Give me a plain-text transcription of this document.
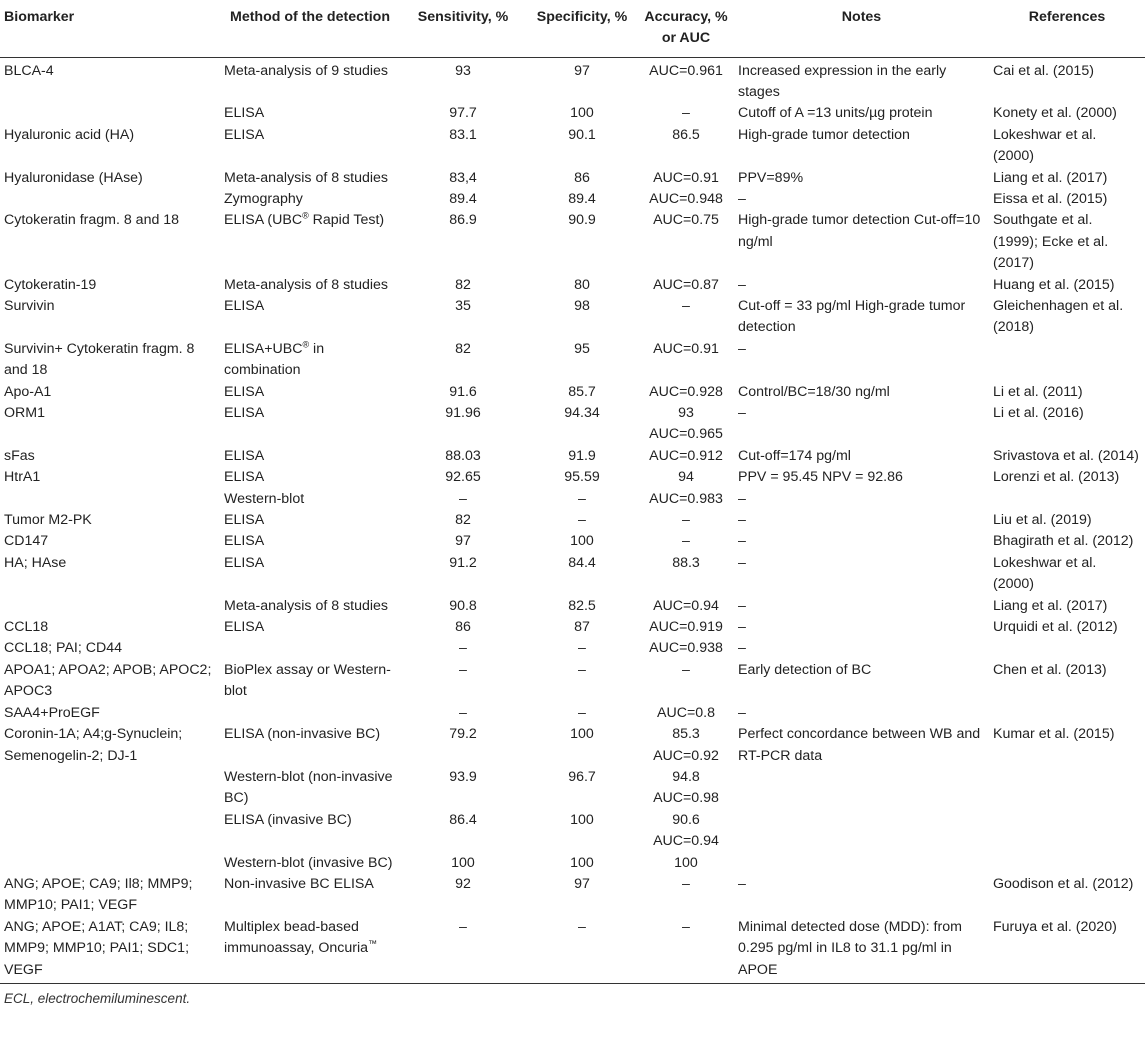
Biomarker	Method of the detection	Sensitivity, %	Specificity, %	Accuracy, % or AUC	Notes	References
BLCA-4	Meta-analysis of 9 studies	93	97	AUC=0.961	Increased expression in the early stages	Cai et al. (2015)
	ELISA	97.7	100	–	Cutoff of A =13 units/µg protein	Konety et al. (2000)
Hyaluronic acid (HA)	ELISA	83.1	90.1	86.5	High-grade tumor detection	Lokeshwar et al. (2000)
Hyaluronidase (HAse)	Meta-analysis of 8 studies	83,4	86	AUC=0.91	PPV=89%	Liang et al. (2017)
	Zymography	89.4	89.4	AUC=0.948	–	Eissa et al. (2015)
Cytokeratin fragm. 8 and 18	ELISA (UBC® Rapid Test)	86.9	90.9	AUC=0.75	High-grade tumor detection Cut-off=10 ng/ml	Southgate et al. (1999); Ecke et al. (2017)
Cytokeratin-19	Meta-analysis of 8 studies	82	80	AUC=0.87	–	Huang et al. (2015)
Survivin	ELISA	35	98	–	Cut-off = 33 pg/ml High-grade tumor detection	Gleichenhagen et al. (2018)
Survivin+ Cytokeratin fragm. 8 and 18	ELISA+UBC® in combination	82	95	AUC=0.91	–	
Apo-A1	ELISA	91.6	85.7	AUC=0.928	Control/BC=18/30 ng/ml	Li et al. (2011)
ORM1	ELISA	91.96	94.34	93 AUC=0.965	–	Li et al. (2016)
sFas	ELISA	88.03	91.9	AUC=0.912	Cut-off=174 pg/ml	Srivastova et al. (2014)
HtrA1	ELISA	92.65	95.59	94	PPV = 95.45 NPV = 92.86	Lorenzi et al. (2013)
	Western-blot	–	–	AUC=0.983	–	
Tumor M2-PK	ELISA	82	–	–	–	Liu et al. (2019)
CD147	ELISA	97	100	–	–	Bhagirath et al. (2012)
HA; HAse	ELISA	91.2	84.4	88.3	–	Lokeshwar et al. (2000)
	Meta-analysis of 8 studies	90.8	82.5	AUC=0.94	–	Liang et al. (2017)
CCL18	ELISA	86	87	AUC=0.919	–	Urquidi et al. (2012)
CCL18; PAI; CD44		–	–	AUC=0.938	–	
APOA1; APOA2; APOB; APOC2; APOC3	BioPlex assay or Western-blot	–	–	–	Early detection of BC	Chen et al. (2013)
SAA4+ProEGF		–	–	AUC=0.8	–	
Coronin-1A; A4;g-Synuclein; Semenogelin-2; DJ-1	ELISA (non-invasive BC)	79.2	100	85.3 AUC=0.92	Perfect concordance between WB and RT-PCR data	Kumar et al. (2015)
	Western-blot (non-invasive BC)	93.9	96.7	94.8 AUC=0.98		
	ELISA (invasive BC)	86.4	100	90.6 AUC=0.94		
	Western-blot (invasive BC)	100	100	100		
ANG; APOE; CA9; Il8; MMP9; MMP10; PAI1; VEGF	Non-invasive BC ELISA	92	97	–	–	Goodison et al. (2012)
ANG; APOE; A1AT; CA9; IL8; MMP9; MMP10; PAI1; SDC1; VEGF	Multiplex bead-based immunoassay, Oncuria™	–	–	–	Minimal detected dose (MDD): from 0.295 pg/ml in IL8 to 31.1 pg/ml in APOE	Furuya et al. (2020)
ECL, electrochemiluminescent.
